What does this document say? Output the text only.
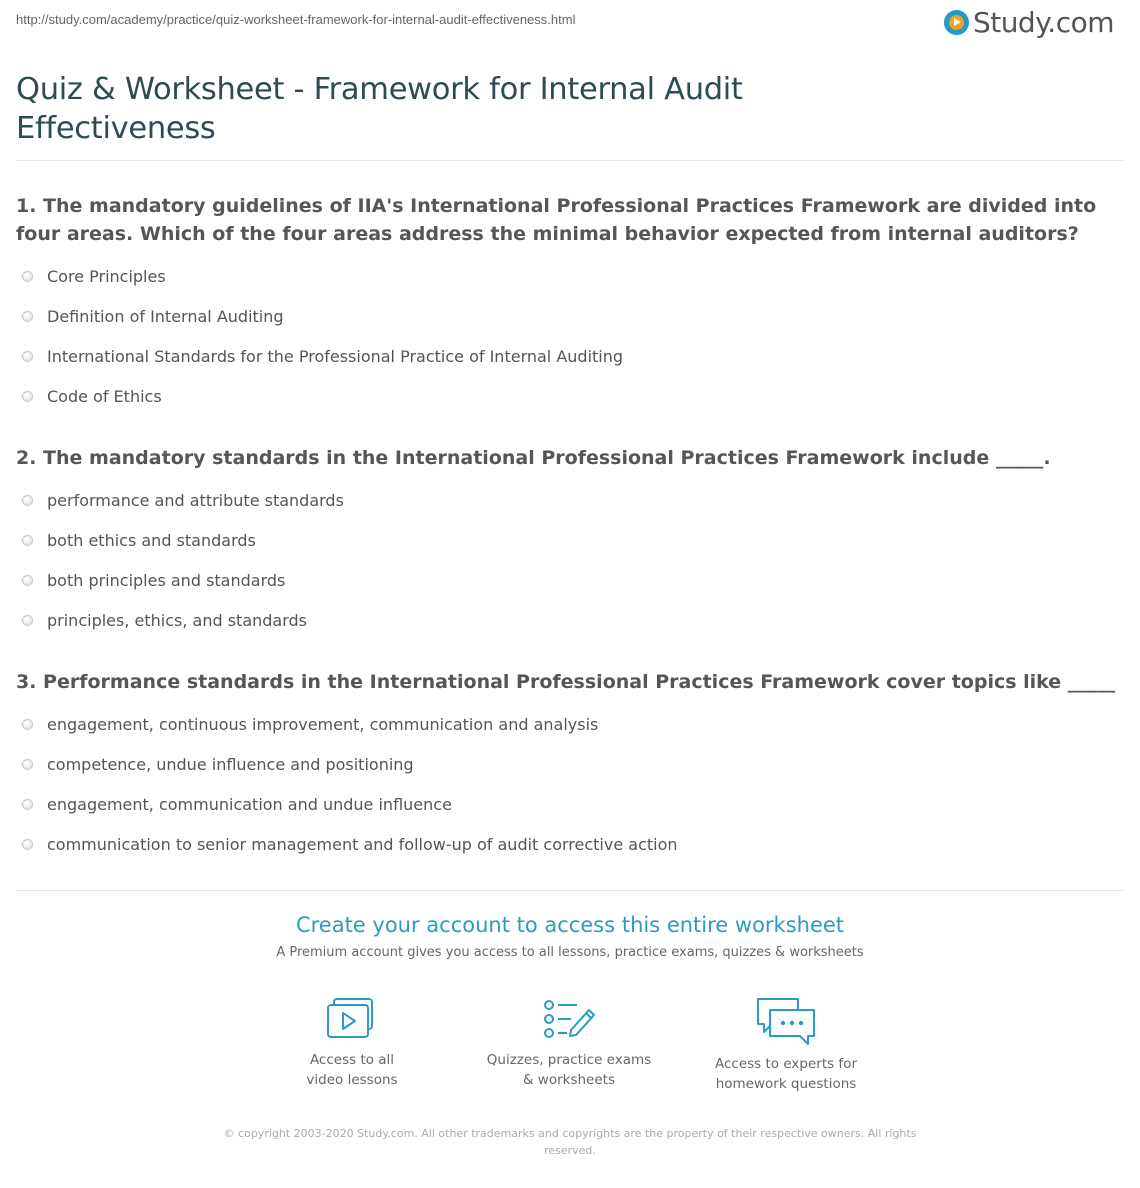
http://study.com/academy/practice/quiz-worksheet-framework-for-internal-audit-effectiveness.html	Study.com
Quiz & Worksheet - Framework for Internal Audit Effectiveness
1. The mandatory guidelines of IIA's International Professional Practices Framework are divided into four areas. Which of the four areas address the minimal behavior expected from internal auditors?
Core Principles
Definition of Internal Auditing
International Standards for the Professional Practice of Internal Auditing
Code of Ethics
2. The mandatory standards in the International Professional Practices Framework include _____.
performance and attribute standards
both ethics and standards
both principles and standards
principles, ethics, and standards
3. Performance standards in the International Professional Practices Framework cover topics like _____
engagement, continuous improvement, communication and analysis
competence, undue influence and positioning
engagement, communication and undue influence
communication to senior management and follow-up of audit corrective action
Create your account to access this entire worksheet
A Premium account gives you access to all lessons, practice exams, quizzes & worksheets
Access to all
video lessons
Quizzes, practice exams
& worksheets
Access to experts for
homework questions
© copyright 2003-2020 Study.com. All other trademarks and copyrights are the property of their respective owners. All rights reserved.
